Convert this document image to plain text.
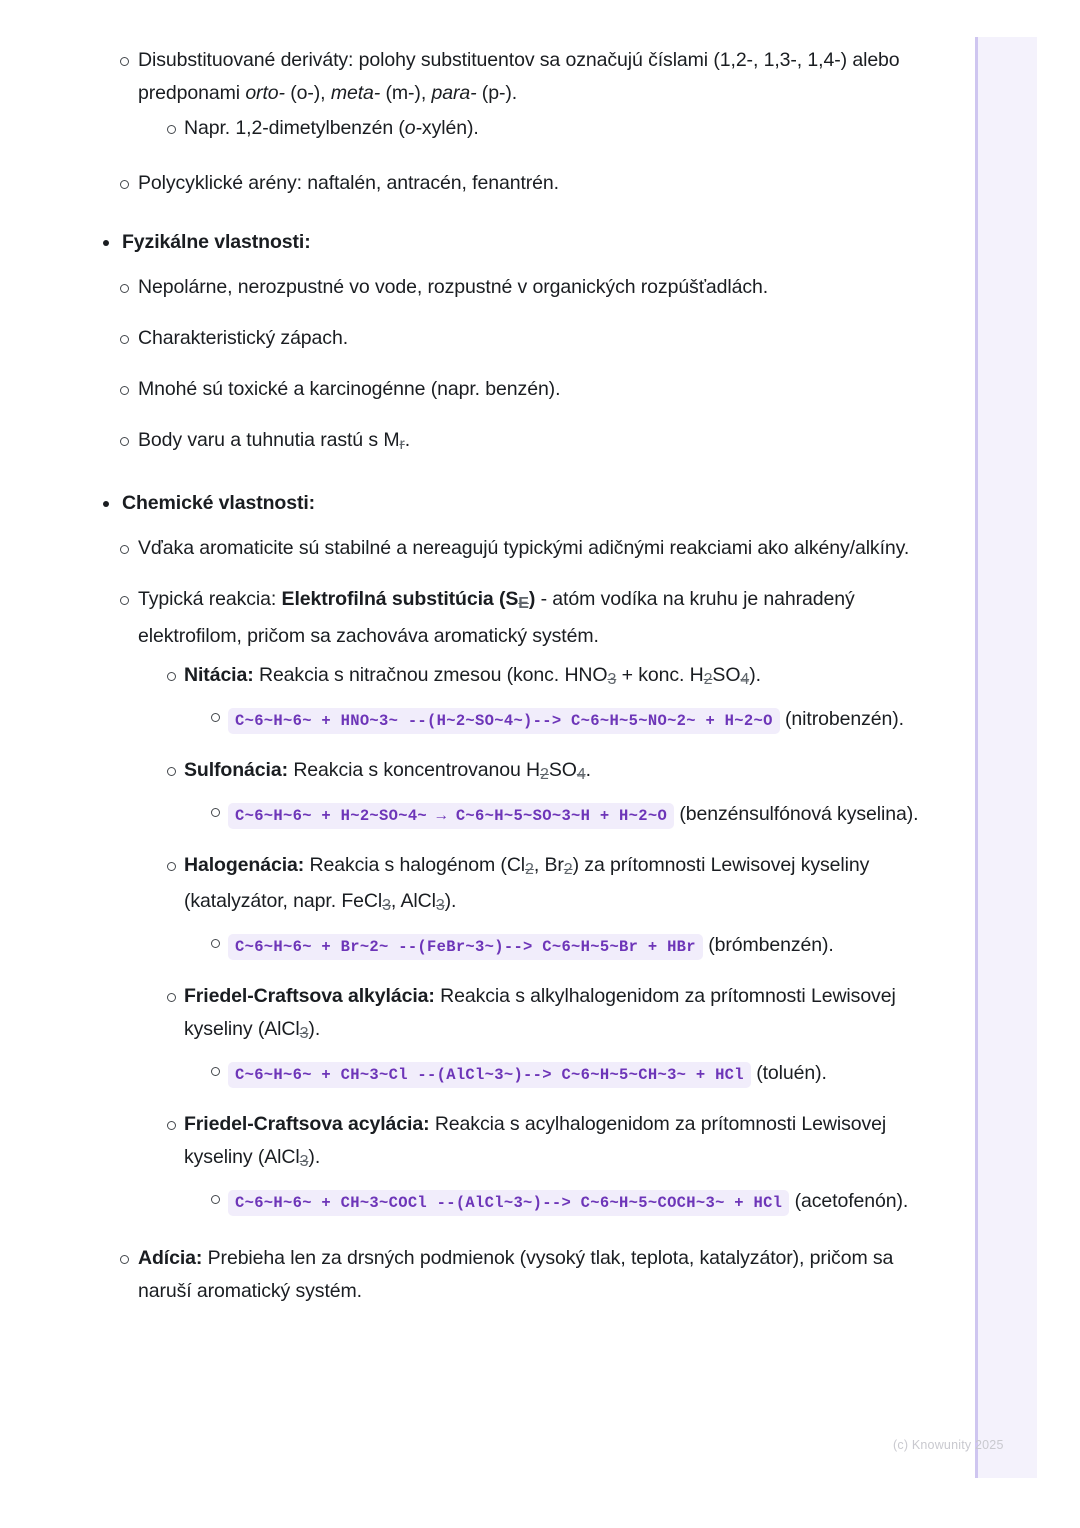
Disubstituované deriváty: polohy substituentov sa označujú číslami (1,2-, 1,3-, 1,4-) alebo predponami orto- (o-), meta- (m-), para- (p-).
Napr. 1,2-dimetylbenzén (o-xylén).
Polycyklické arény: naftalén, antracén, fenantrén.
Fyzikálne vlastnosti:
Nepolárne, nerozpustné vo vode, rozpustné v organických rozpúšťadlách.
Charakteristický zápach.
Mnohé sú toxické a karcinogénne (napr. benzén).
Body varu a tuhnutia rastú s Mr.
Chemické vlastnosti:
Vďaka aromaticite sú stabilné a nereagujú typickými adičnými reakciami ako alkény/alkíny.
Typická reakcia: Elektrofilná substitúcia (SE) - atóm vodíka na kruhu je nahradený elektrofilom, pričom sa zachováva aromatický systém.
Nitácia: Reakcia s nitračnou zmesou (konc. HNO3 + konc. H2SO4).
C~6~H~6~ + HNO~3~ --(H~2~SO~4~)--> C~6~H~5~NO~2~ + H~2~O (nitrobenzén).
Sulfonácia: Reakcia s koncentrovanou H2SO4.
C~6~H~6~ + H~2~SO~4~ → C~6~H~5~SO~3~H + H~2~O (benzénsulfónová kyselina).
Halogenácia: Reakcia s halogénom (Cl2, Br2) za prítomnosti Lewisovej kyseliny (katalyzátor, napr. FeCl3, AlCl3).
C~6~H~6~ + Br~2~ --(FeBr~3~)--> C~6~H~5~Br + HBr (brómbenzén).
Friedel-Craftsova alkylácia: Reakcia s alkylhalogenidom za prítomnosti Lewisovej kyseliny (AlCl3).
C~6~H~6~ + CH~3~Cl --(AlCl~3~)--> C~6~H~5~CH~3~ + HCl (toluén).
Friedel-Craftsova acylácia: Reakcia s acylhalogenidom za prítomnosti Lewisovej kyseliny (AlCl3).
C~6~H~6~ + CH~3~COCl --(AlCl~3~)--> C~6~H~5~COCH~3~ + HCl (acetofenón).
Adícia: Prebieha len za drsných podmienok (vysoký tlak, teplota, katalyzátor), pričom sa naruší aromatický systém.
(c) Knowunity 2025
